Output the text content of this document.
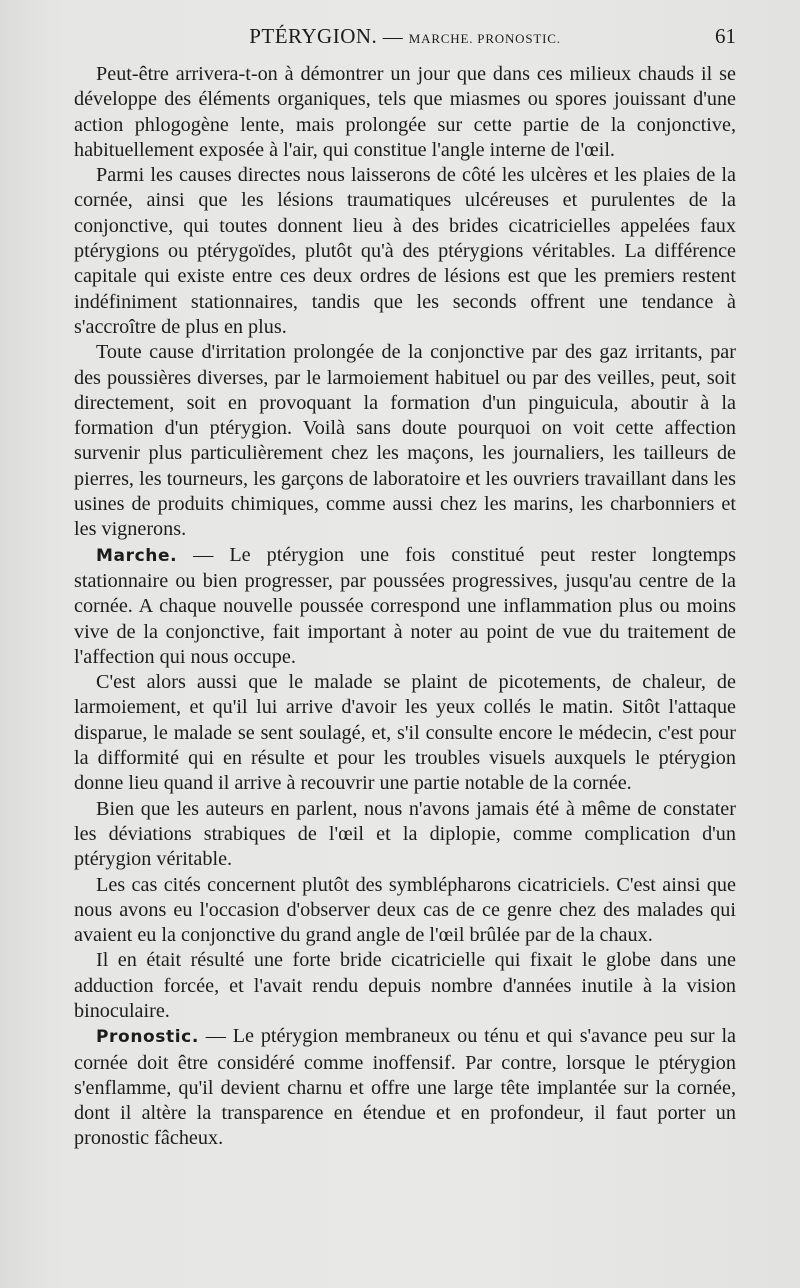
PTÉRYGION. — MARCHE. PRONOSTIC.	61

Peut-être arrivera-t-on à démontrer un jour que dans ces milieux chauds il se développe des éléments organiques, tels que miasmes ou spores jouissant d'une action phlogogène lente, mais prolongée sur cette partie de la conjonctive, habituellement exposée à l'air, qui constitue l'angle interne de l'œil.

Parmi les causes directes nous laisserons de côté les ulcères et les plaies de la cornée, ainsi que les lésions traumatiques ulcéreuses et purulentes de la conjonctive, qui toutes donnent lieu à des brides cicatricielles appelées faux ptérygions ou ptérygoïdes, plutôt qu'à des ptérygions véritables. La différence capitale qui existe entre ces deux ordres de lésions est que les premiers restent indéfiniment stationnaires, tandis que les seconds offrent une tendance à s'accroître de plus en plus.

Toute cause d'irritation prolongée de la conjonctive par des gaz irritants, par des poussières diverses, par le larmoiement habituel ou par des veilles, peut, soit directement, soit en provoquant la formation d'un pinguicula, aboutir à la formation d'un ptérygion. Voilà sans doute pourquoi on voit cette affection survenir plus particulièrement chez les maçons, les journaliers, les tailleurs de pierres, les tourneurs, les garçons de laboratoire et les ouvriers travaillant dans les usines de produits chimiques, comme aussi chez les marins, les charbonniers et les vignerons.

Marche. — Le ptérygion une fois constitué peut rester longtemps stationnaire ou bien progresser, par poussées progressives, jusqu'au centre de la cornée. A chaque nouvelle poussée correspond une inflammation plus ou moins vive de la conjonctive, fait important à noter au point de vue du traitement de l'affection qui nous occupe.

C'est alors aussi que le malade se plaint de picotements, de chaleur, de larmoiement, et qu'il lui arrive d'avoir les yeux collés le matin. Sitôt l'attaque disparue, le malade se sent soulagé, et, s'il consulte encore le médecin, c'est pour la difformité qui en résulte et pour les troubles visuels auxquels le ptérygion donne lieu quand il arrive à recouvrir une partie notable de la cornée.

Bien que les auteurs en parlent, nous n'avons jamais été à même de constater les déviations strabiques de l'œil et la diplopie, comme complication d'un ptérygion véritable.

Les cas cités concernent plutôt des symblépharons cicatriciels. C'est ainsi que nous avons eu l'occasion d'observer deux cas de ce genre chez des malades qui avaient eu la conjonctive du grand angle de l'œil brûlée par de la chaux.

Il en était résulté une forte bride cicatricielle qui fixait le globe dans une adduction forcée, et l'avait rendu depuis nombre d'années inutile à la vision binoculaire.

Pronostic. — Le ptérygion membraneux ou ténu et qui s'avance peu sur la cornée doit être considéré comme inoffensif. Par contre, lorsque le ptérygion s'enflamme, qu'il devient charnu et offre une large tête implantée sur la cornée, dont il altère la transparence en étendue et en profondeur, il faut porter un pronostic fâcheux.
